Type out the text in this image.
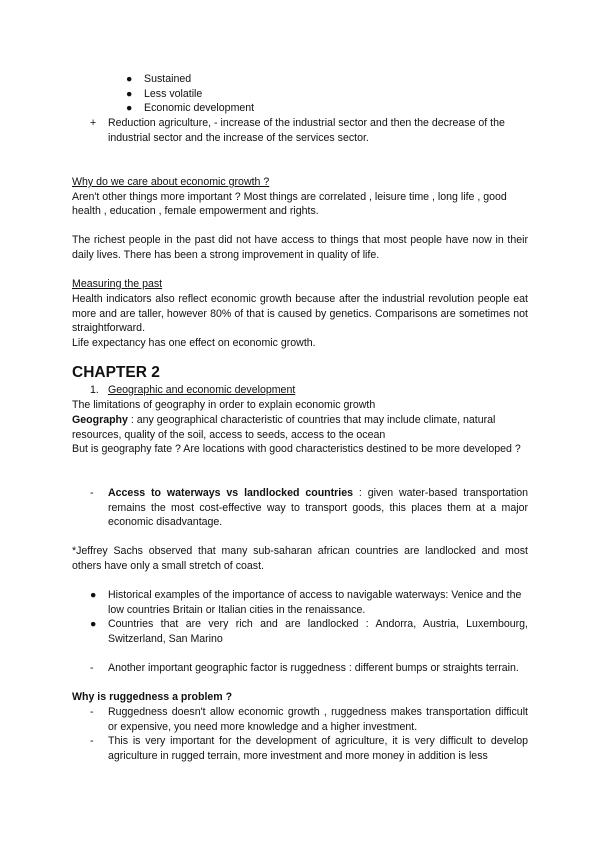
●	Sustained
●	Less volatile
●	Economic development
+	Reduction agriculture, - increase of the industrial sector and then the decrease of the industrial sector and the increase of the services sector.

Why do we care about economic growth ?

Aren't other things more important ? Most things are correlated , leisure time , long life , good health , education , female empowerment and rights.

The richest people in the past did not have access to things that most people have now in their daily lives. There has been a strong improvement in quality of life.

Measuring the past

Health indicators also reflect economic growth because after the industrial revolution people eat more and are taller, however 80% of that is caused by genetics. Comparisons are sometimes not straightforward.

Life expectancy has one effect on economic growth.

CHAPTER 2
1. Geographic and economic development

The limitations of geography in order to explain economic growth

Geography : any geographical characteristic of countries that may include climate, natural resources, quality of the soil, access to seeds, access to the ocean

But is geography fate ? Are locations with good characteristics destined to be more developed ?

-	Access to waterways vs landlocked countries : given water-based transportation remains the most cost-effective way to transport goods, this places them at a major economic disadvantage.

*Jeffrey Sachs observed that many sub-saharan african countries are landlocked and most others have only a small stretch of coast.

●	Historical examples of the importance of access to navigable waterways: Venice and the low countries Britain or Italian cities in the renaissance.
●	Countries that are very rich and are landlocked : Andorra, Austria, Luxembourg, Switzerland, San Marino
-	Another important geographic factor is ruggedness : different bumps or straights terrain.

Why is ruggedness a problem ?

-	Ruggedness doesn't allow economic growth , ruggedness makes transportation difficult or expensive, you need more knowledge and a higher investment.
-	This is very important for the development of agriculture, it is very difficult to develop agriculture in rugged terrain, more investment and more money in addition is less
